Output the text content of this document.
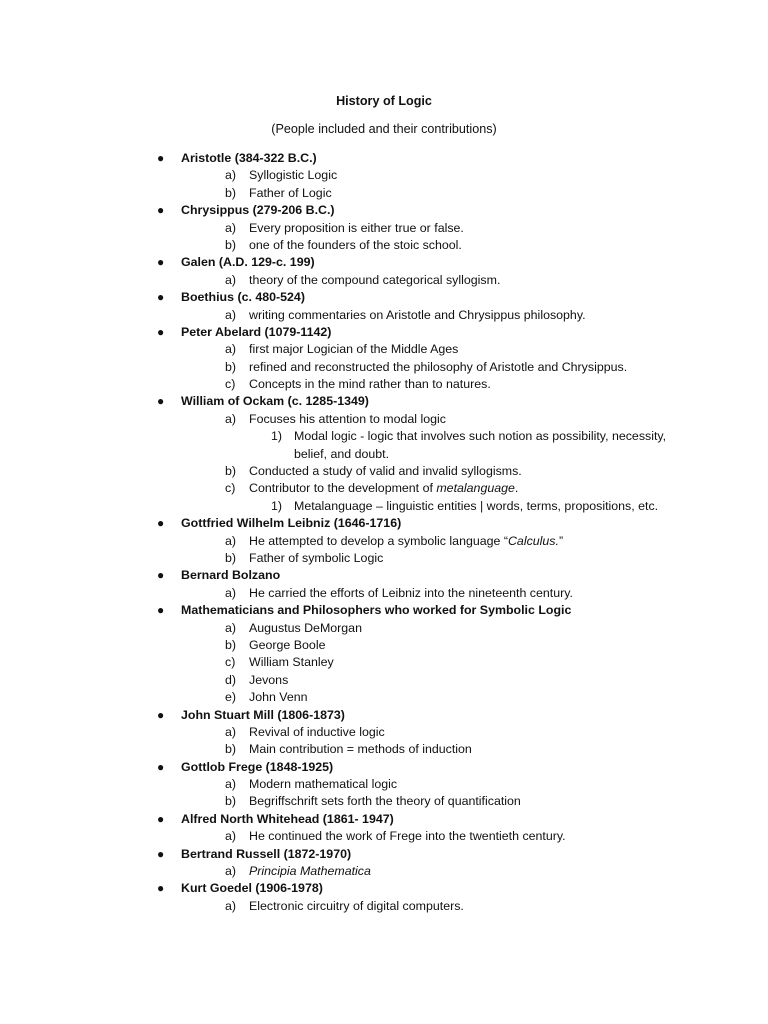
History of Logic
(People included and their contributions)
● Aristotle (384-322 B.C.)
a) Syllogistic Logic
b) Father of Logic
● Chrysippus (279-206 B.C.)
a) Every proposition is either true or false.
b) one of the founders of the stoic school.
● Galen (A.D. 129-c. 199)
a) theory of the compound categorical syllogism.
● Boethius (c. 480-524)
a) writing commentaries on Aristotle and Chrysippus philosophy.
● Peter Abelard (1079-1142)
a) first major Logician of the Middle Ages
b) refined and reconstructed the philosophy of Aristotle and Chrysippus.
c) Concepts in the mind rather than to natures.
● William of Ockam (c. 1285-1349)
a) Focuses his attention to modal logic
1) Modal logic - logic that involves such notion as possibility, necessity,
belief, and doubt.
b) Conducted a study of valid and invalid syllogisms.
c) Contributor to the development of metalanguage.
1) Metalanguage – linguistic entities | words, terms, propositions, etc.
● Gottfried Wilhelm Leibniz (1646-1716)
a) He attempted to develop a symbolic language “Calculus.”
b) Father of symbolic Logic
● Bernard Bolzano
a) He carried the efforts of Leibniz into the nineteenth century.
● Mathematicians and Philosophers who worked for Symbolic Logic
a) Augustus DeMorgan
b) George Boole
c) William Stanley
d) Jevons
e) John Venn
● John Stuart Mill (1806-1873)
a) Revival of inductive logic
b) Main contribution = methods of induction
● Gottlob Frege (1848-1925)
a) Modern mathematical logic
b) Begriffschrift sets forth the theory of quantification
● Alfred North Whitehead (1861- 1947)
a) He continued the work of Frege into the twentieth century.
● Bertrand Russell (1872-1970)
a) Principia Mathematica
● Kurt Goedel (1906-1978)
a) Electronic circuitry of digital computers.
